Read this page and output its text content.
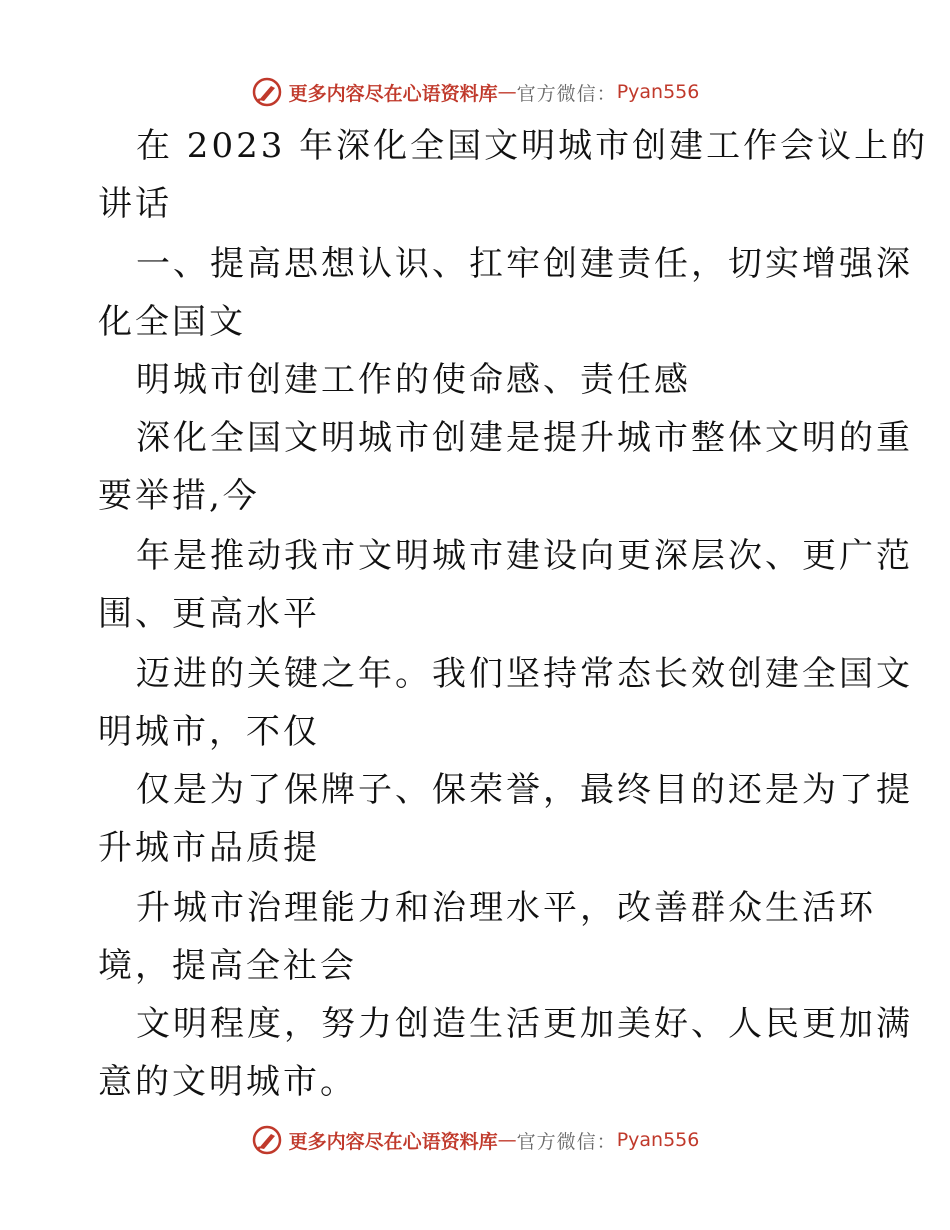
更多内容尽在心语资料库 — 官方微信： Pyan556
在 2023 年深化全国文明城市创建工作会议上的
讲话
一、提高思想认识、扛牢创建责任，切实增强深
化全国文
明城市创建工作的使命感、责任感
深化全国文明城市创建是提升城市整体文明的重
要举措,今
年是推动我市文明城市建设向更深层次、更广范
围、更高水平
迈进的关键之年。我们坚持常态长效创建全国文
明城市，不仅
仅是为了保牌子、保荣誉，最终目的还是为了提
升城市品质提
升城市治理能力和治理水平，改善群众生活环
境，提高全社会
文明程度，努力创造生活更加美好、人民更加满
意的文明城市。
更多内容尽在心语资料库 — 官方微信： Pyan556
